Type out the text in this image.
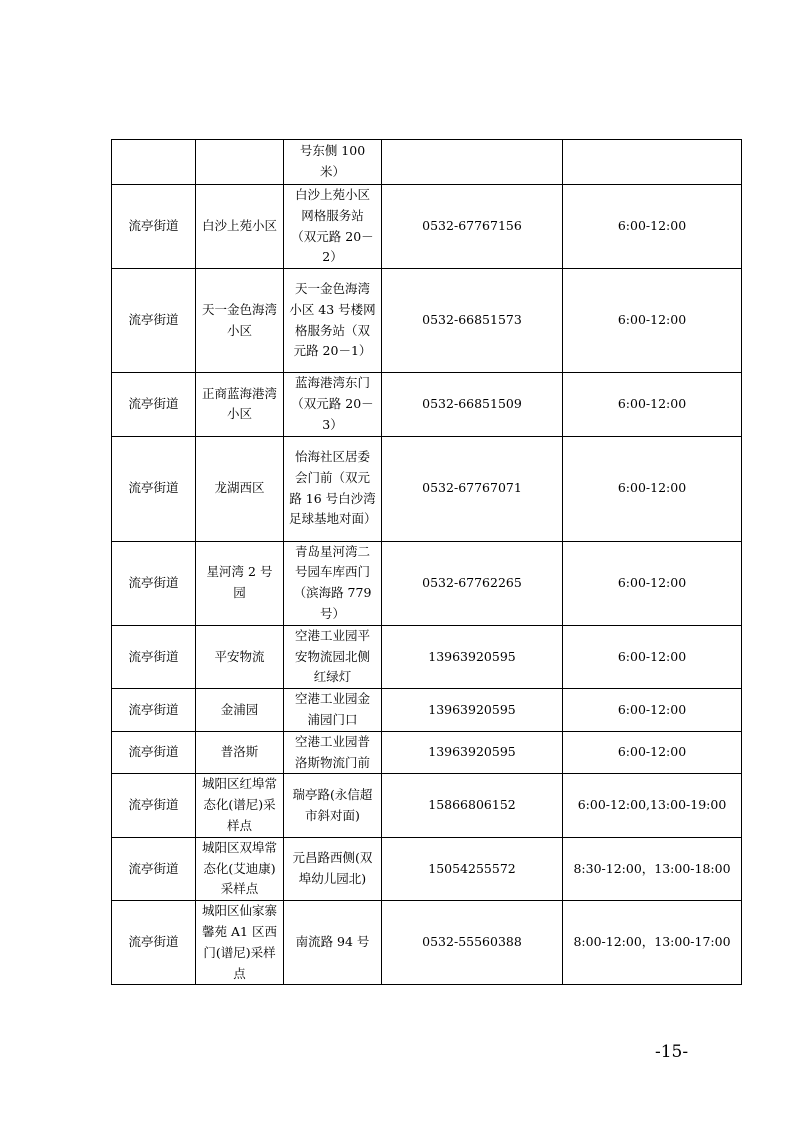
		号东侧 100 米）		
流亭街道	白沙上苑小区	白沙上苑小区网格服务站（双元路 20－2）	0532-67767156	6:00-12:00
流亭街道	天一金色海湾小区	天一金色海湾小区 43 号楼网格服务站（双元路 20－1）	0532-66851573	6:00-12:00
流亭街道	正商蓝海港湾小区	蓝海港湾东门（双元路 20－3）	0532-66851509	6:00-12:00
流亭街道	龙湖西区	怡海社区居委会门前（双元路 16 号白沙湾足球基地对面）	0532-67767071	6:00-12:00
流亭街道	星河湾 2 号园	青岛星河湾二号园车库西门（滨海路 779 号）	0532-67762265	6:00-12:00
流亭街道	平安物流	空港工业园平安物流园北侧红绿灯	13963920595	6:00-12:00
流亭街道	金浦园	空港工业园金浦园门口	13963920595	6:00-12:00
流亭街道	普洛斯	空港工业园普洛斯物流门前	13963920595	6:00-12:00
流亭街道	城阳区红埠常态化(谱尼)采样点	瑞亭路(永信超市斜对面)	15866806152	6:00-12:00,13:00-19:00
流亭街道	城阳区双埠常态化(艾迪康)采样点	元昌路西侧(双埠幼儿园北)	15054255572	8:30-12:00，13:00-18:00
流亭街道	城阳区仙家寨馨苑 A1 区西门(谱尼)采样点	南流路 94 号	0532-55560388	8:00-12:00，13:00-17:00
-15-
